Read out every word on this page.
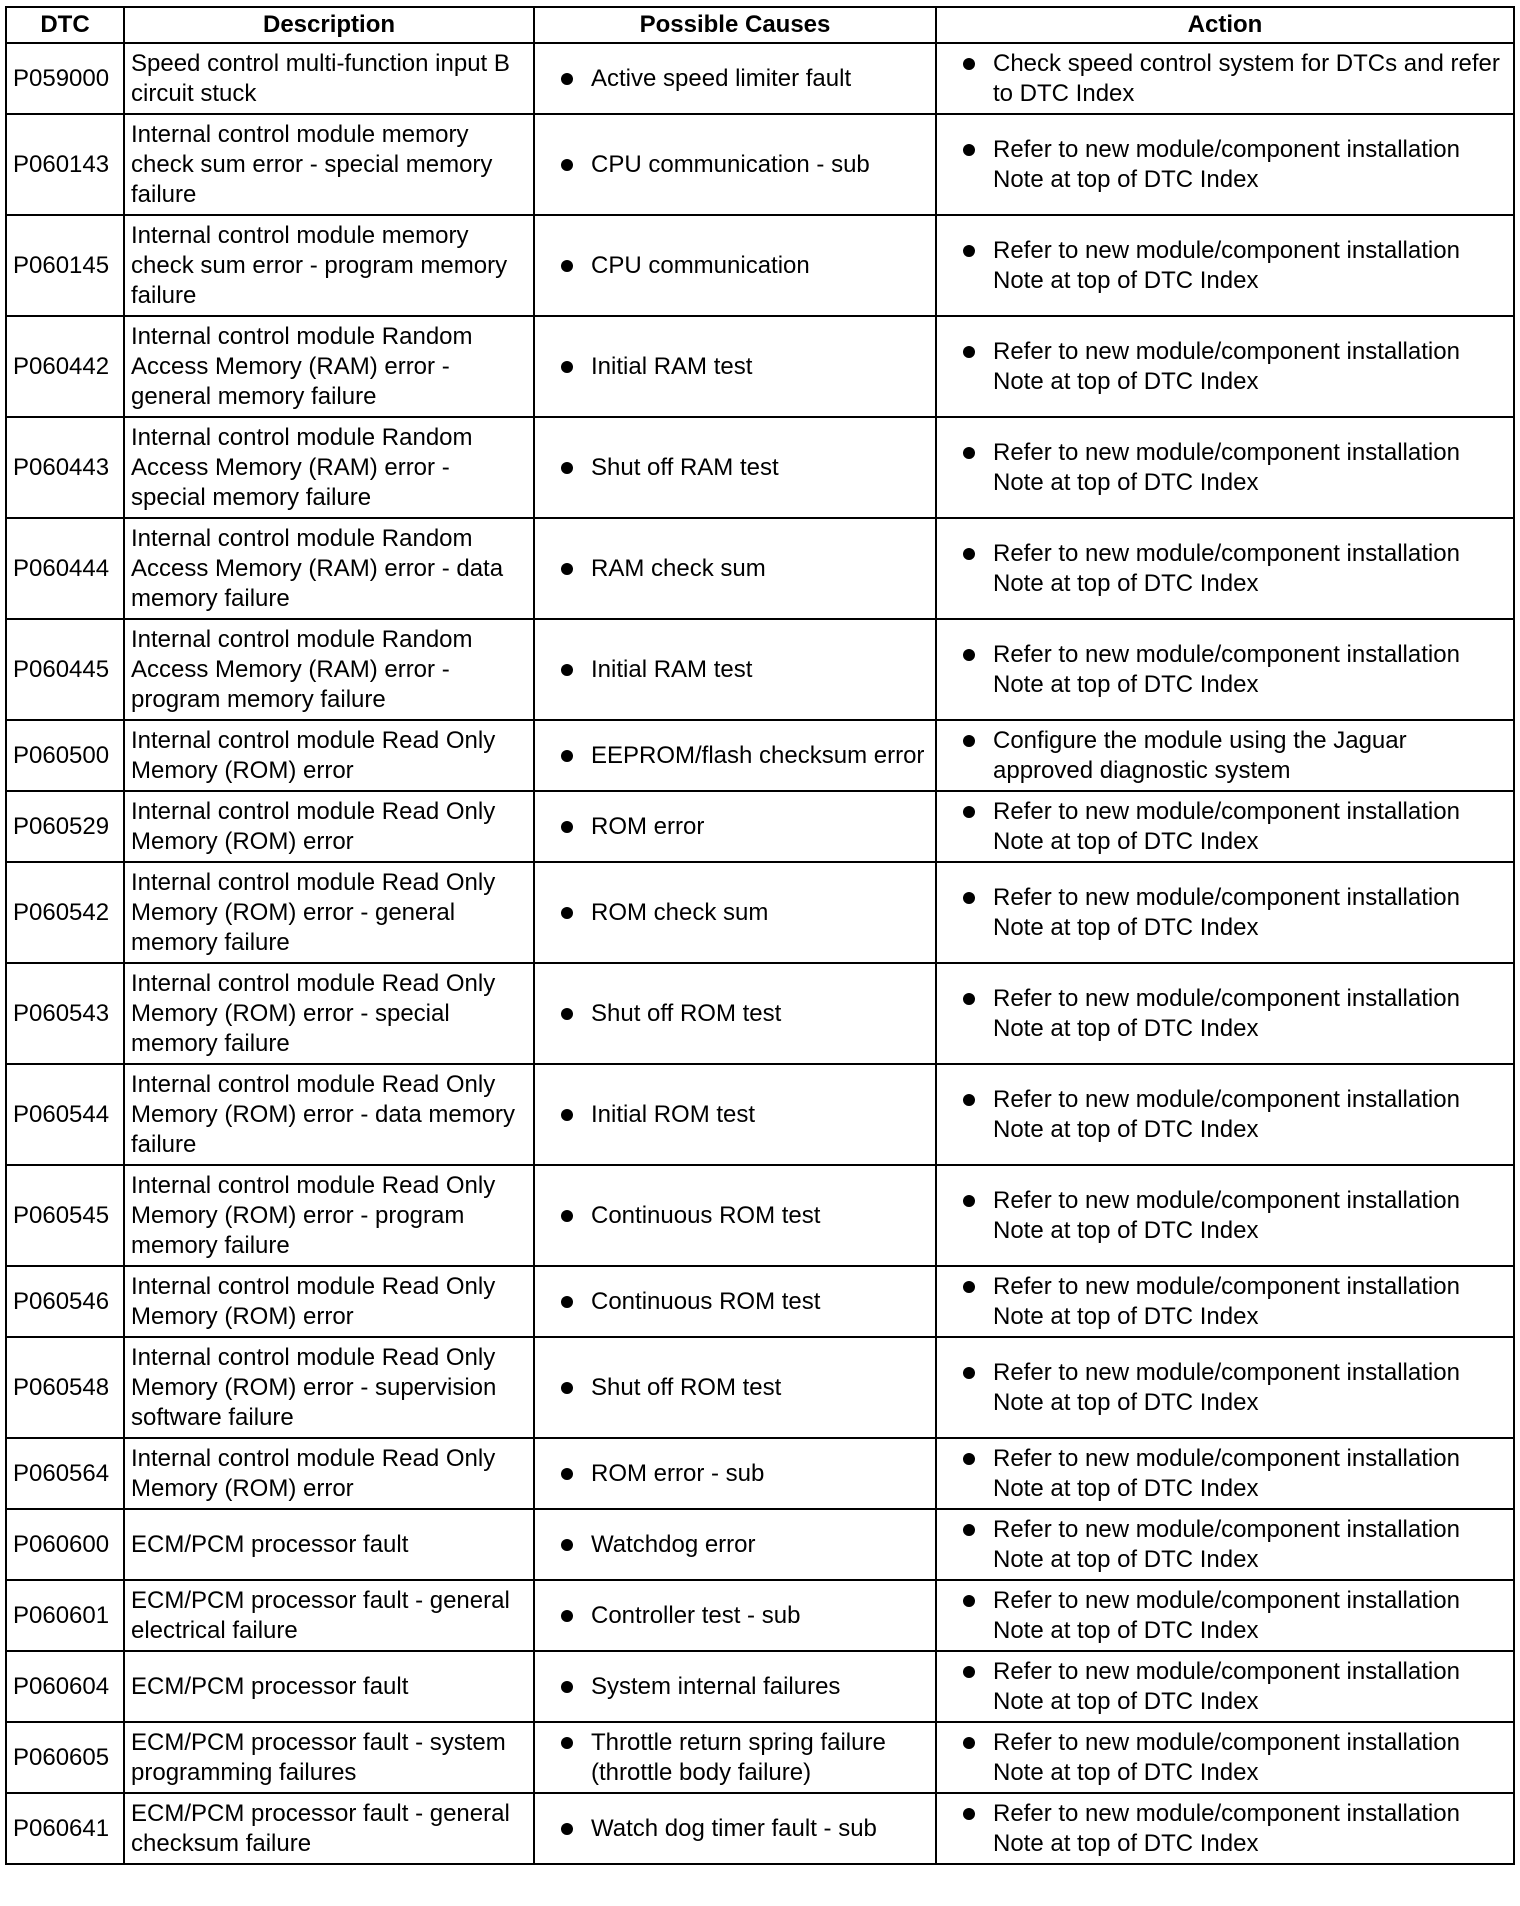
DTC	Description	Possible Causes	Action
P059000	Speed control multi-function input B circuit stuck	Active speed limiter fault	Check speed control system for DTCs and refer to DTC Index

P060143	Internal control module memory check sum error - special memory failure	CPU communication - sub	Refer to new module/component installation Note at top of DTC Index

P060145	Internal control module memory check sum error - program memory failure	CPU communication	Refer to new module/component installation Note at top of DTC Index

P060442	Internal control module Random Access Memory (RAM) error - general memory failure	Initial RAM test	Refer to new module/component installation Note at top of DTC Index

P060443	Internal control module Random Access Memory (RAM) error - special memory failure	Shut off RAM test	Refer to new module/component installation Note at top of DTC Index

P060444	Internal control module Random Access Memory (RAM) error - data memory failure	RAM check sum	Refer to new module/component installation Note at top of DTC Index

P060445	Internal control module Random Access Memory (RAM) error - program memory failure	Initial RAM test	Refer to new module/component installation Note at top of DTC Index

P060500	Internal control module Read Only Memory (ROM) error	EEPROM/flash checksum error	Configure the module using the Jaguar approved diagnostic system

P060529	Internal control module Read Only Memory (ROM) error	ROM error	Refer to new module/component installation Note at top of DTC Index

P060542	Internal control module Read Only Memory (ROM) error - general memory failure	ROM check sum	Refer to new module/component installation Note at top of DTC Index

P060543	Internal control module Read Only Memory (ROM) error - special memory failure	Shut off ROM test	Refer to new module/component installation Note at top of DTC Index

P060544	Internal control module Read Only Memory (ROM) error - data memory failure	Initial ROM test	Refer to new module/component installation Note at top of DTC Index

P060545	Internal control module Read Only Memory (ROM) error - program memory failure	Continuous ROM test	Refer to new module/component installation Note at top of DTC Index

P060546	Internal control module Read Only Memory (ROM) error	Continuous ROM test	Refer to new module/component installation Note at top of DTC Index

P060548	Internal control module Read Only Memory (ROM) error - supervision software failure	Shut off ROM test	Refer to new module/component installation Note at top of DTC Index

P060564	Internal control module Read Only Memory (ROM) error	ROM error - sub	Refer to new module/component installation Note at top of DTC Index

P060600	ECM/PCM processor fault	Watchdog error	Refer to new module/component installation Note at top of DTC Index

P060601	ECM/PCM processor fault - general electrical failure	Controller test - sub	Refer to new module/component installation Note at top of DTC Index

P060604	ECM/PCM processor fault	System internal failures	Refer to new module/component installation Note at top of DTC Index

P060605	ECM/PCM processor fault - system programming failures	Throttle return spring failure (throttle body failure)	Refer to new module/component installation Note at top of DTC Index

P060641	ECM/PCM processor fault - general checksum failure	Watch dog timer fault - sub	Refer to new module/component installation Note at top of DTC Index
